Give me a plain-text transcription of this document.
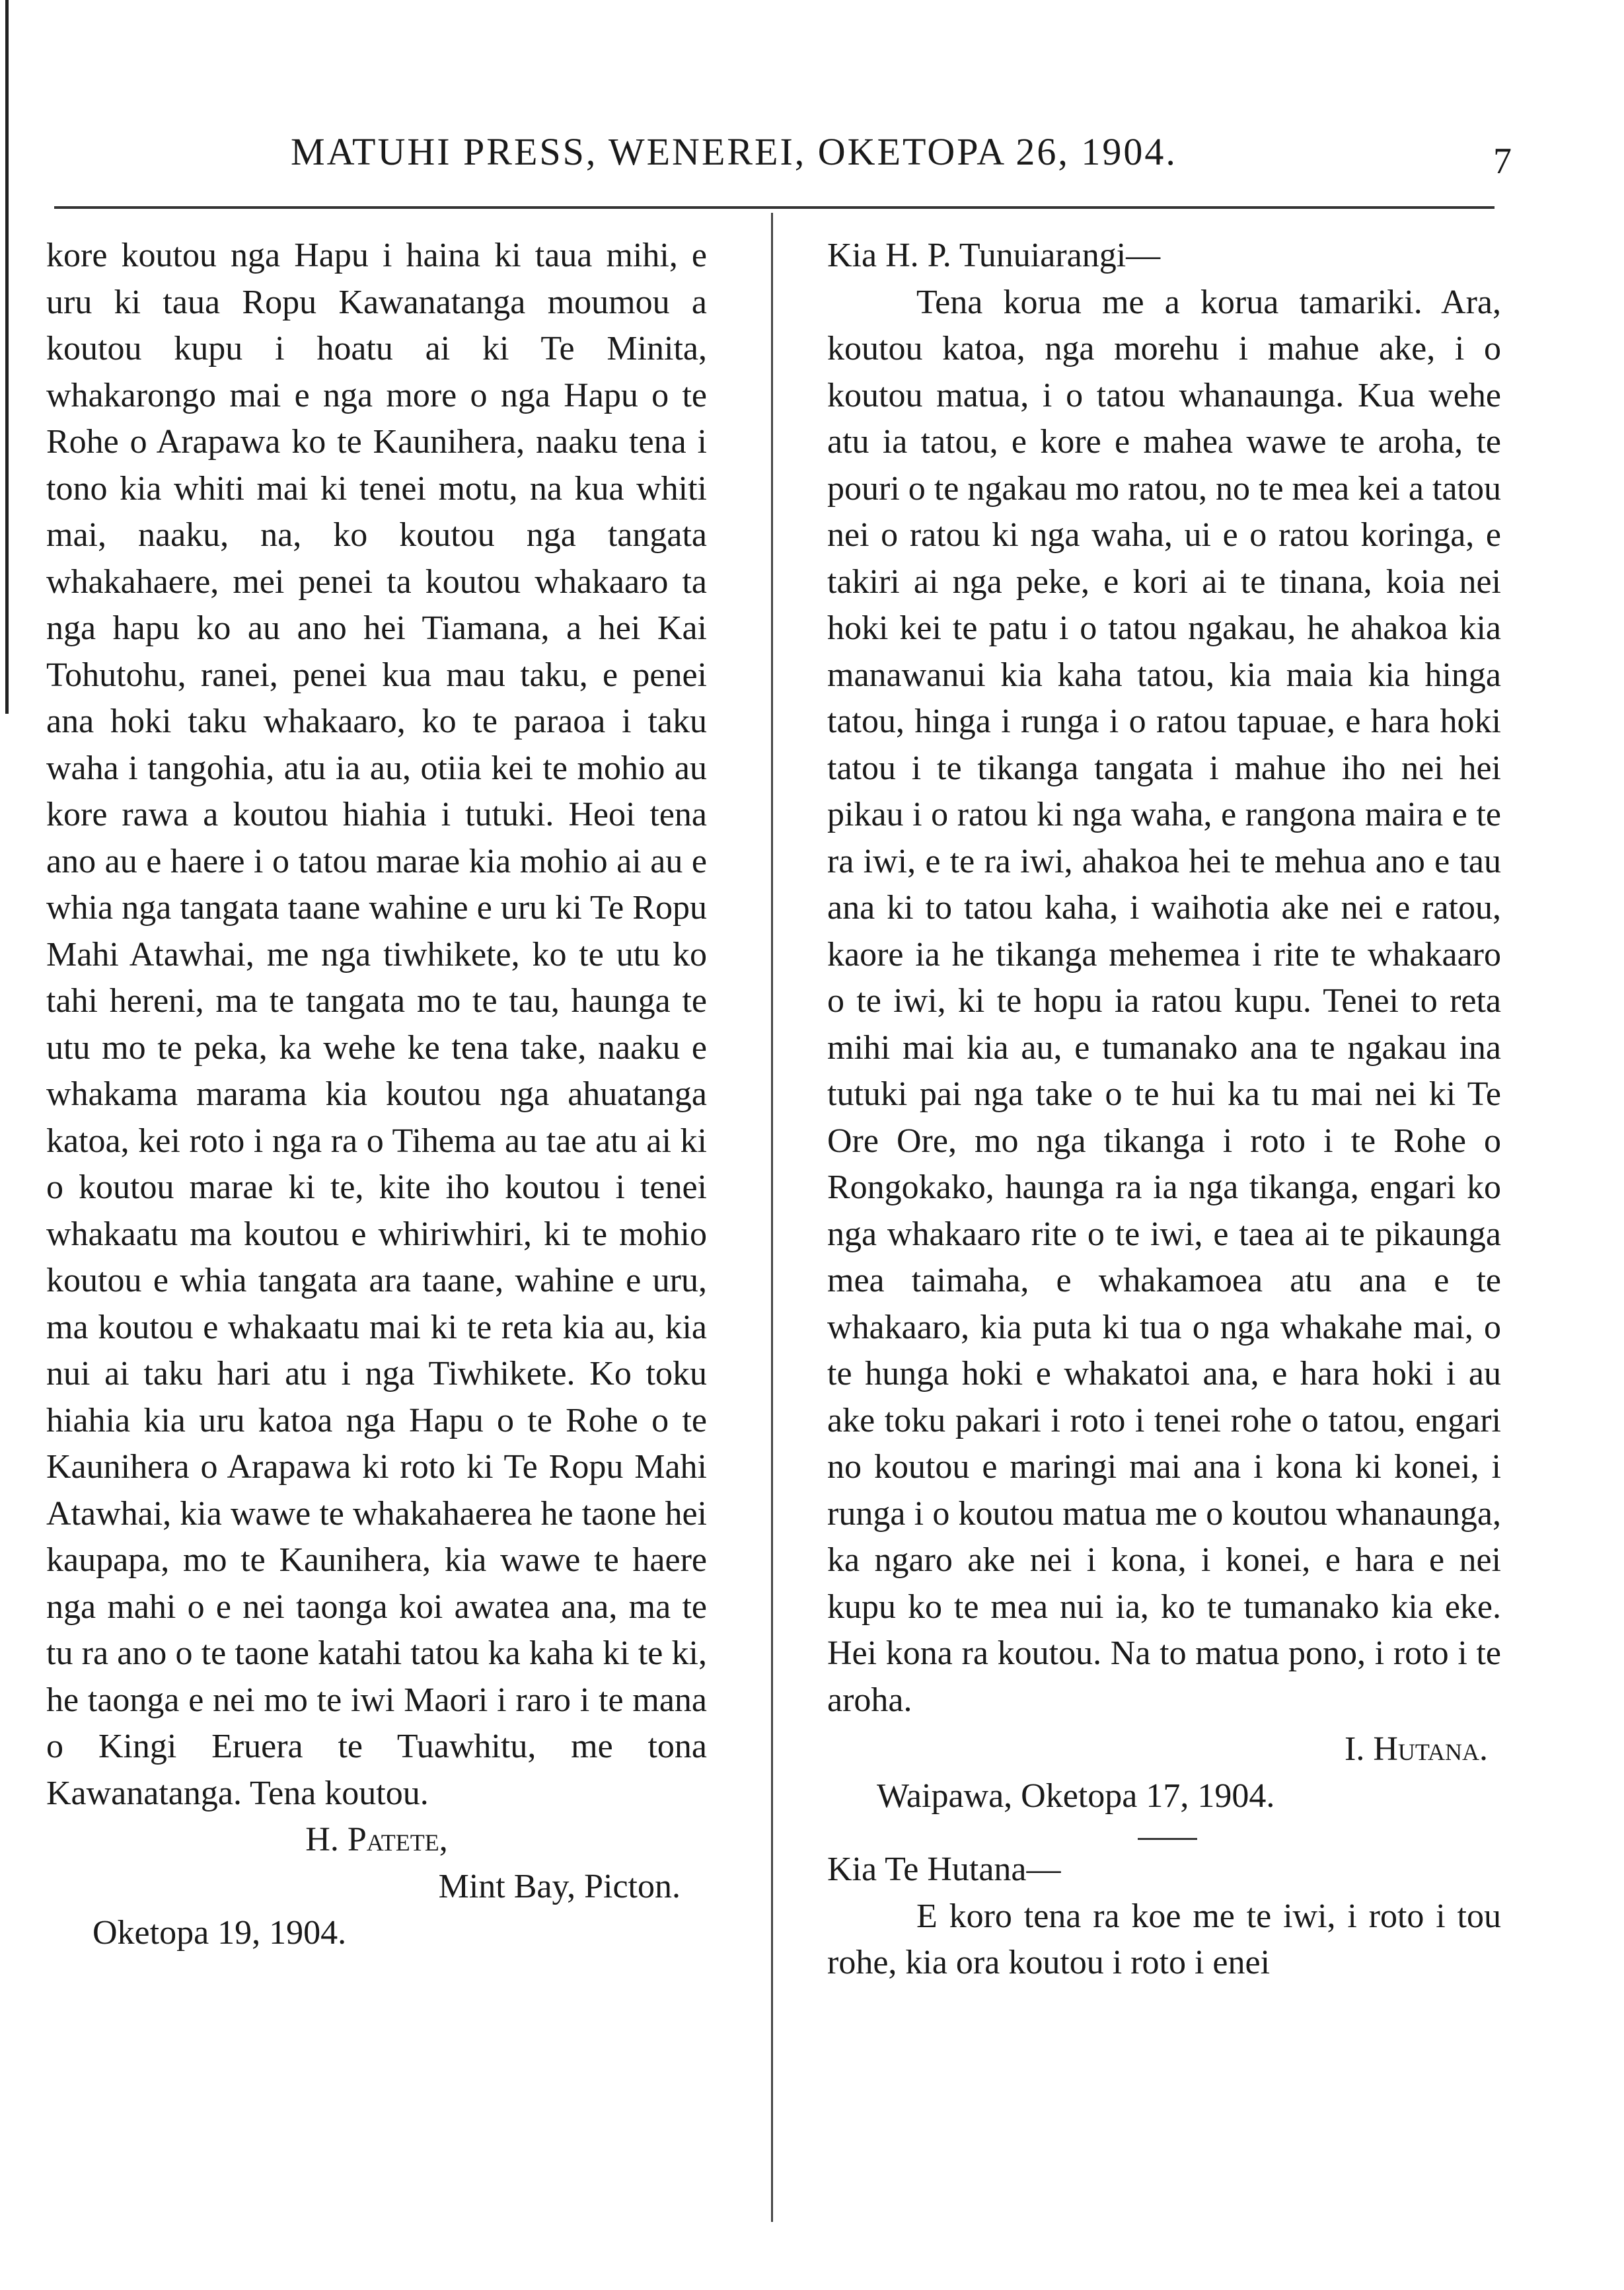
MATUHI PRESS, WENEREI, OKETOPA 26, 1904.	7

kore koutou nga Hapu i haina ki taua mihi, e uru ki taua Ropu Kawanatanga moumou a koutou kupu i hoatu ai ki Te Minita, whakarongo mai e nga more o nga Hapu o te Rohe o Arapawa ko te Kaunihera, naaku tena i tono kia whiti mai ki tenei motu, na kua whiti mai, naaku, na, ko koutou nga tangata whakahaere, mei penei ta koutou whakaaro ta nga hapu ko au ano hei Tiamana, a hei Kai Tohutohu, ranei, penei kua mau taku, e penei ana hoki taku whakaaro, ko te paraoa i taku waha i tangohia, atu ia au, otiia kei te mohio au kore rawa a koutou hiahia i tutuki. Heoi tena ano au e haere i o tatou marae kia mohio ai au e whia nga tangata taane wahine e uru ki Te Ropu Mahi Atawhai, me nga tiwhikete, ko te utu ko tahi hereni, ma te tangata mo te tau, haunga te utu mo te peka, ka wehe ke tena take, naaku e whakama marama kia koutou nga ahuatanga katoa, kei roto i nga ra o Tihema au tae atu ai ki o koutou marae ki te, kite iho koutou i tenei whakaatu ma koutou e whiriwhiri, ki te mohio koutou e whia tangata ara taane, wahine e uru, ma koutou e whakaatu mai ki te reta kia au, kia nui ai taku hari atu i nga Tiwhikete. Ko toku hiahia kia uru katoa nga Hapu o te Rohe o te Kaunihera o Arapawa ki roto ki Te Ropu Mahi Atawhai, kia wawe te whakahaerea he taone hei kaupapa, mo te Kaunihera, kia wawe te haere nga mahi o e nei taonga koi awatea ana, ma te tu ra ano o te taone katahi tatou ka kaha ki te ki, he taonga e nei mo te iwi Maori i raro i te mana o Kingi Eruera te Tuawhitu, me tona Kawanatanga. Tena koutou.

H. Patete,

Mint Bay, Picton.

Oketopa 19, 1904.

Kia H. P. Tunuiarangi—

Tena korua me a korua tamariki. Ara, koutou katoa, nga morehu i mahue ake, i o koutou matua, i o tatou whanaunga. Kua wehe atu ia tatou, e kore e mahea wawe te aroha, te pouri o te ngakau mo ratou, no te mea kei a tatou nei o ratou ki nga waha, ui e o ratou koringa, e takiri ai nga peke, e kori ai te tinana, koia nei hoki kei te patu i o tatou ngakau, he ahakoa kia manawanui kia kaha tatou, kia maia kia hinga tatou, hinga i runga i o ratou tapuae, e hara hoki tatou i te tikanga tangata i mahue iho nei hei pikau i o ratou ki nga waha, e rangona maira e te ra iwi, e te ra iwi, ahakoa hei te mehua ano e tau ana ki to tatou kaha, i waihotia ake nei e ratou, kaore ia he tikanga mehemea i rite te whakaaro o te iwi, ki te hopu ia ratou kupu. Tenei to reta mihi mai kia au, e tumanako ana te ngakau ina tutuki pai nga take o te hui ka tu mai nei ki Te Ore Ore, mo nga tikanga i roto i te Rohe o Rongokako, haunga ra ia nga tikanga, engari ko nga whakaaro rite o te iwi, e taea ai te pikaunga mea taimaha, e whakamoea atu ana e te whakaaro, kia puta ki tua o nga whakahe mai, o te hunga hoki e whakatoi ana, e hara hoki i au ake toku pakari i roto i tenei rohe o tatou, engari no koutou e maringi mai ana i kona ki konei, i runga i o koutou matua me o koutou whanaunga, ka ngaro ake nei i kona, i konei, e hara e nei kupu ko te mea nui ia, ko te tumanako kia eke. Hei kona ra koutou. Na to matua pono, i roto i te aroha.

I. Hutana.

Waipawa, Oketopa 17, 1904.

Kia Te Hutana—

E koro tena ra koe me te iwi, i roto i tou rohe, kia ora koutou i roto i enei
